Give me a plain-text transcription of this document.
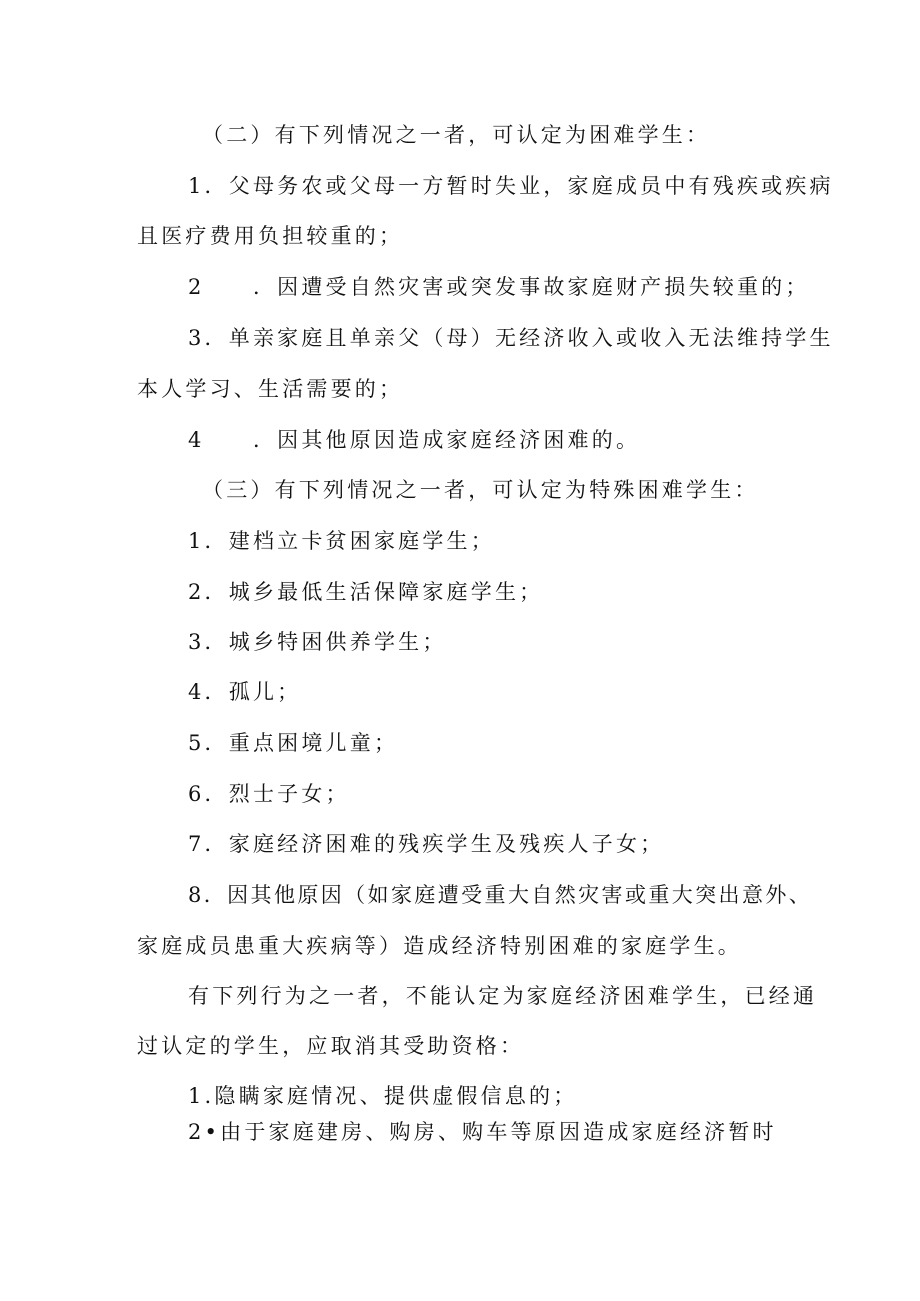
（二）有下列情况之一者，可认定为困难学生：
1．父母务农或父母一方暂时失业，家庭成员中有残疾或疾病
且医疗费用负担较重的；
2　　．因遭受自然灾害或突发事故家庭财产损失较重的；
3．单亲家庭且单亲父（母）无经济收入或收入无法维持学生
本人学习、生活需要的；
4　　．因其他原因造成家庭经济困难的。
（三）有下列情况之一者，可认定为特殊困难学生：
1．建档立卡贫困家庭学生；
2．城乡最低生活保障家庭学生；
3．城乡特困供养学生；
4．孤儿；
5．重点困境儿童；
6．烈士子女；
7．家庭经济困难的残疾学生及残疾人子女；
8．因其他原因（如家庭遭受重大自然灾害或重大突出意外、
家庭成员患重大疾病等）造成经济特别困难的家庭学生。
有下列行为之一者，不能认定为家庭经济困难学生，已经通
过认定的学生，应取消其受助资格：
1.隐瞒家庭情况、提供虚假信息的；
2•由于家庭建房、购房、购车等原因造成家庭经济暂时
